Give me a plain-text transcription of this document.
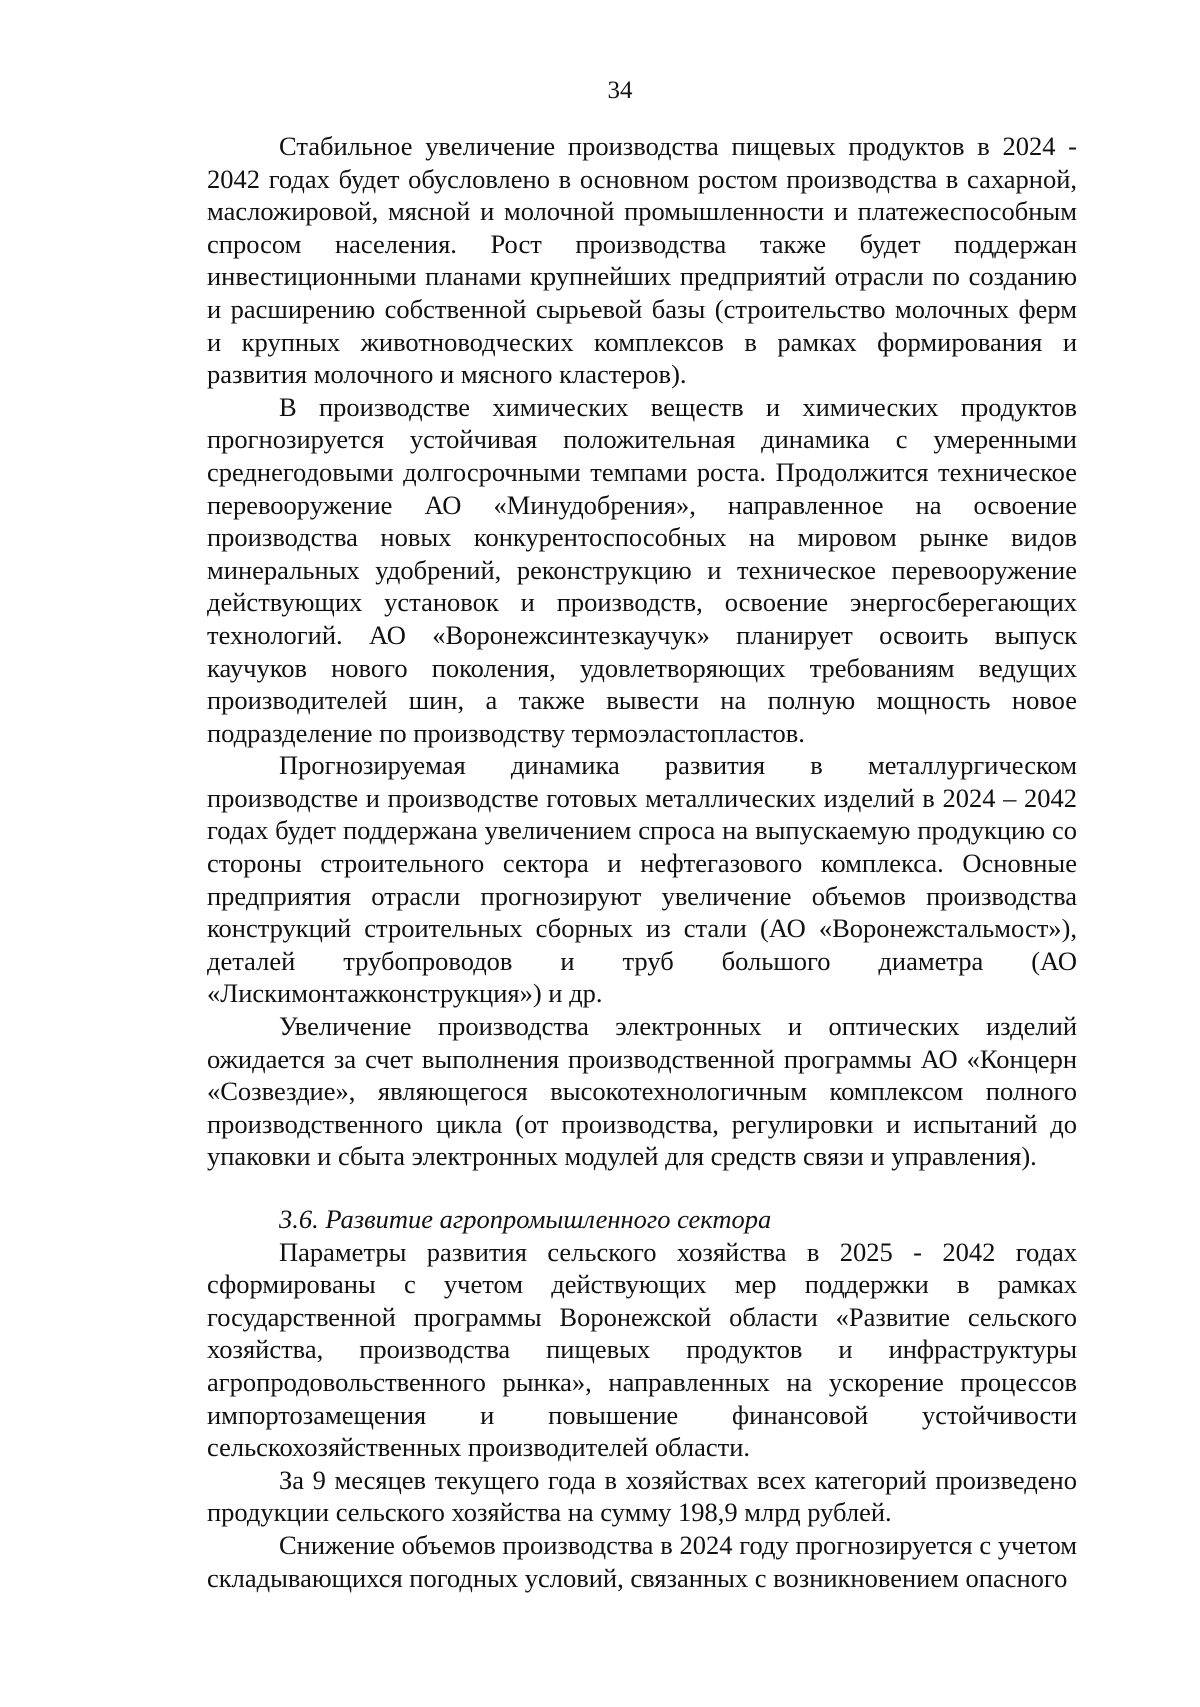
34

Стабильное увеличение производства пищевых продуктов в 2024 - 2042 годах будет обусловлено в основном ростом производства в сахарной, масложировой, мясной и молочной промышленности и платежеспособным спросом населения. Рост производства также будет поддержан инвестиционными планами крупнейших предприятий отрасли по созданию и расширению собственной сырьевой базы (строительство молочных ферм и крупных животноводческих комплексов в рамках формирования и развития молочного и мясного кластеров).

В производстве химических веществ и химических продуктов прогнозируется устойчивая положительная динамика с умеренными среднегодовыми долгосрочными темпами роста. Продолжится техническое перевооружение АО «Минудобрения», направленное на освоение производства новых конкурентоспособных на мировом рынке видов минеральных удобрений, реконструкцию и техническое перевооружение действующих установок и производств, освоение энергосберегающих технологий. АО «Воронежсинтезкаучук» планирует освоить выпуск каучуков нового поколения, удовлетворяющих требованиям ведущих производителей шин, а также вывести на полную мощность новое подразделение по производству термоэластопластов.

Прогнозируемая динамика развития в металлургическом производстве и производстве готовых металлических изделий в 2024 – 2042 годах будет поддержана увеличением спроса на выпускаемую продукцию со стороны строительного сектора и нефтегазового комплекса. Основные предприятия отрасли прогнозируют увеличение объемов производства конструкций строительных сборных из стали (АО «Воронежстальмост»), деталей трубопроводов и труб большого диаметра (АО «Лискимонтажконструкция») и др.

Увеличение производства электронных и оптических изделий ожидается за счет выполнения производственной программы АО «Концерн «Созвездие», являющегося высокотехнологичным комплексом полного производственного цикла (от производства, регулировки и испытаний до упаковки и сбыта электронных модулей для средств связи и управления).

3.6. Развитие агропромышленного сектора

Параметры развития сельского хозяйства в 2025 - 2042 годах сформированы с учетом действующих мер поддержки в рамках государственной программы Воронежской области «Развитие сельского хозяйства, производства пищевых продуктов и инфраструктуры агропродовольственного рынка», направленных на ускорение процессов импортозамещения и повышение финансовой устойчивости сельскохозяйственных производителей области.

За 9 месяцев текущего года в хозяйствах всех категорий произведено продукции сельского хозяйства на сумму 198,9 млрд рублей.

Снижение объемов производства в 2024 году прогнозируется с учетом складывающихся погодных условий, связанных с возникновением опасного
